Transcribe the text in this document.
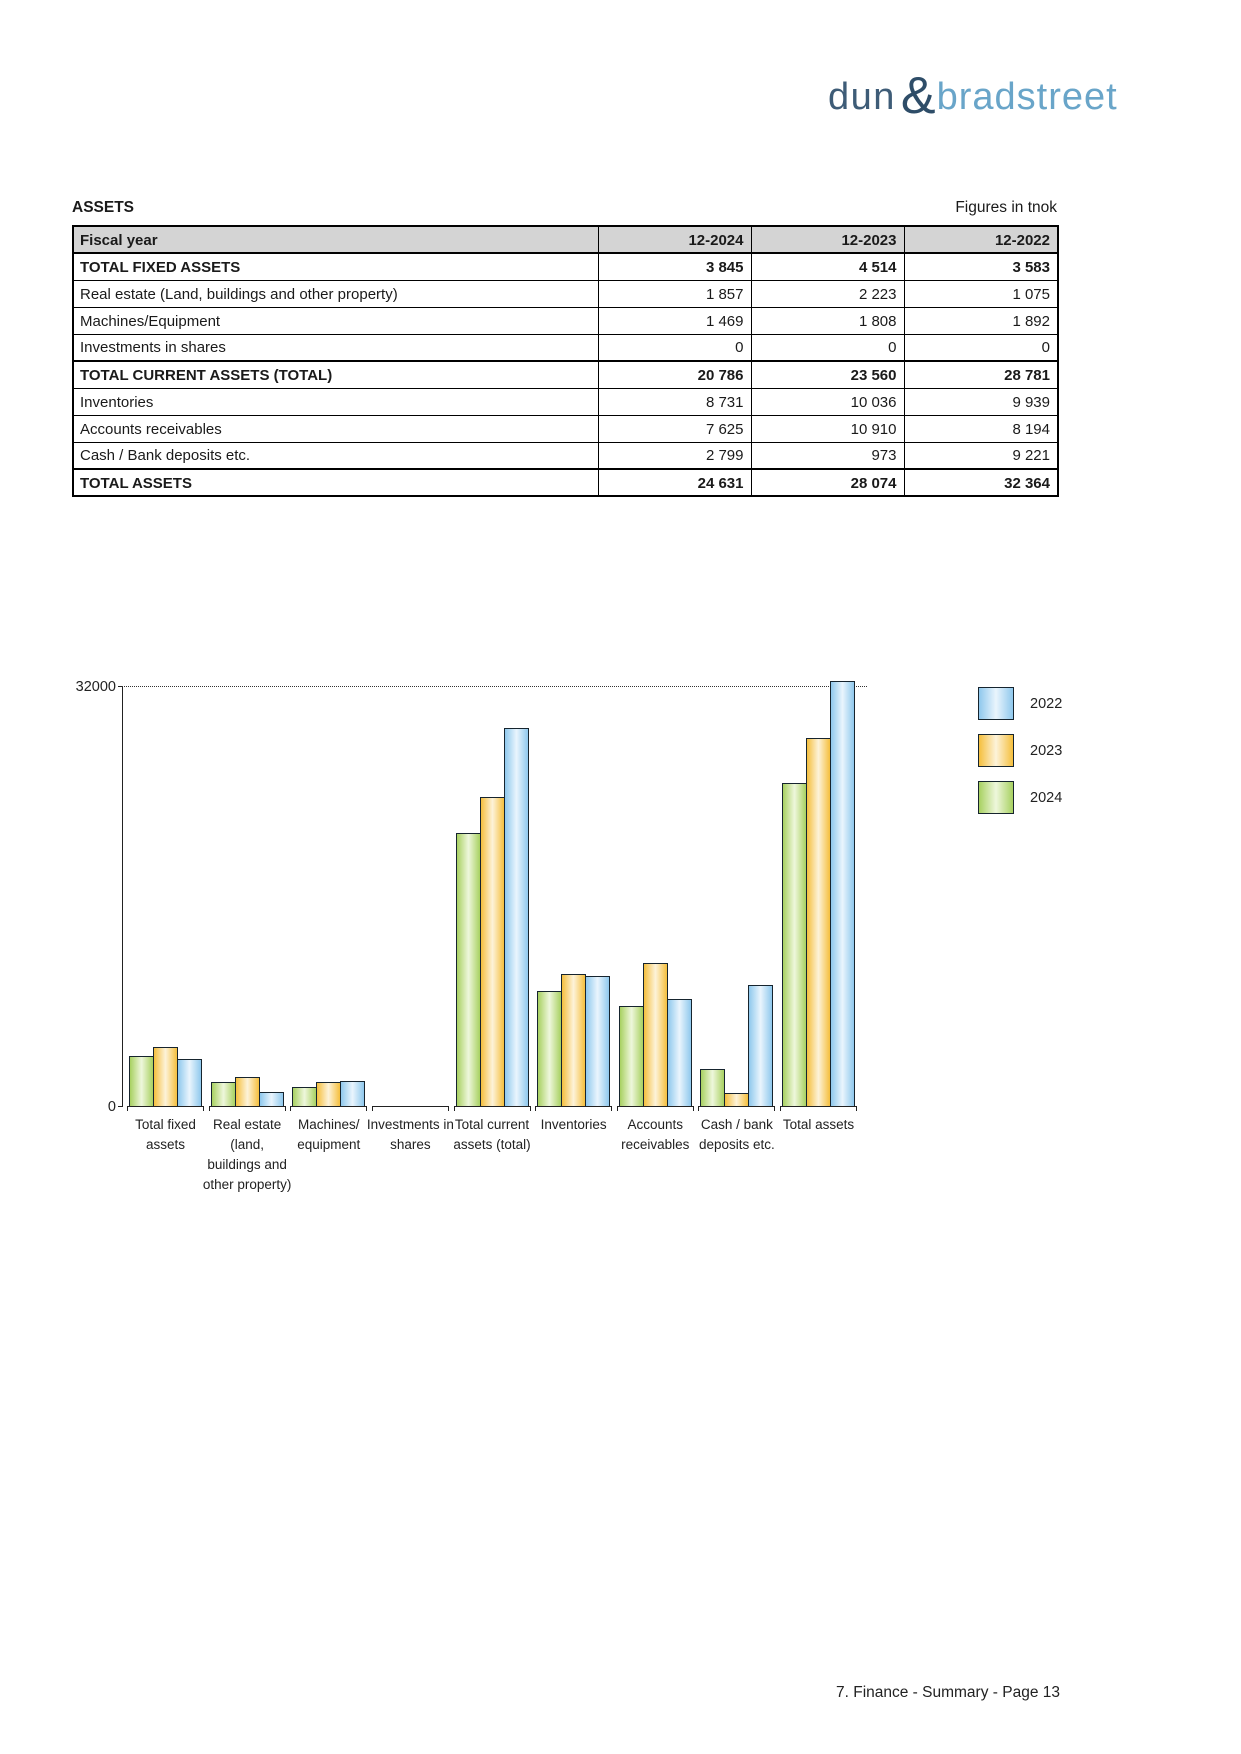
dun & bradstreet
ASSETS	Figures in tnok
Fiscal year	12-2024	12-2023	12-2022
TOTAL FIXED ASSETS	3 845	4 514	3 583
Real estate (Land, buildings and other property)	1 857	2 223	1 075
Machines/Equipment	1 469	1 808	1 892
Investments in shares	0	0	0
TOTAL CURRENT ASSETS (TOTAL)	20 786	23 560	28 781
Inventories	8 731	10 036	9 939
Accounts receivables	7 625	10 910	8 194
Cash / Bank deposits etc.	2 799	973	9 221
TOTAL ASSETS	24 631	28 074	32 364
32000
0
Total fixed
assets
Real estate
(land,
buildings and
other property)
Machines/
equipment
Investments in
shares
Total current
assets (total)
Inventories	Accounts
receivables
Cash / bank
deposits etc.
Total assets
2022
2023
2024
7. Finance - Summary - Page 13
